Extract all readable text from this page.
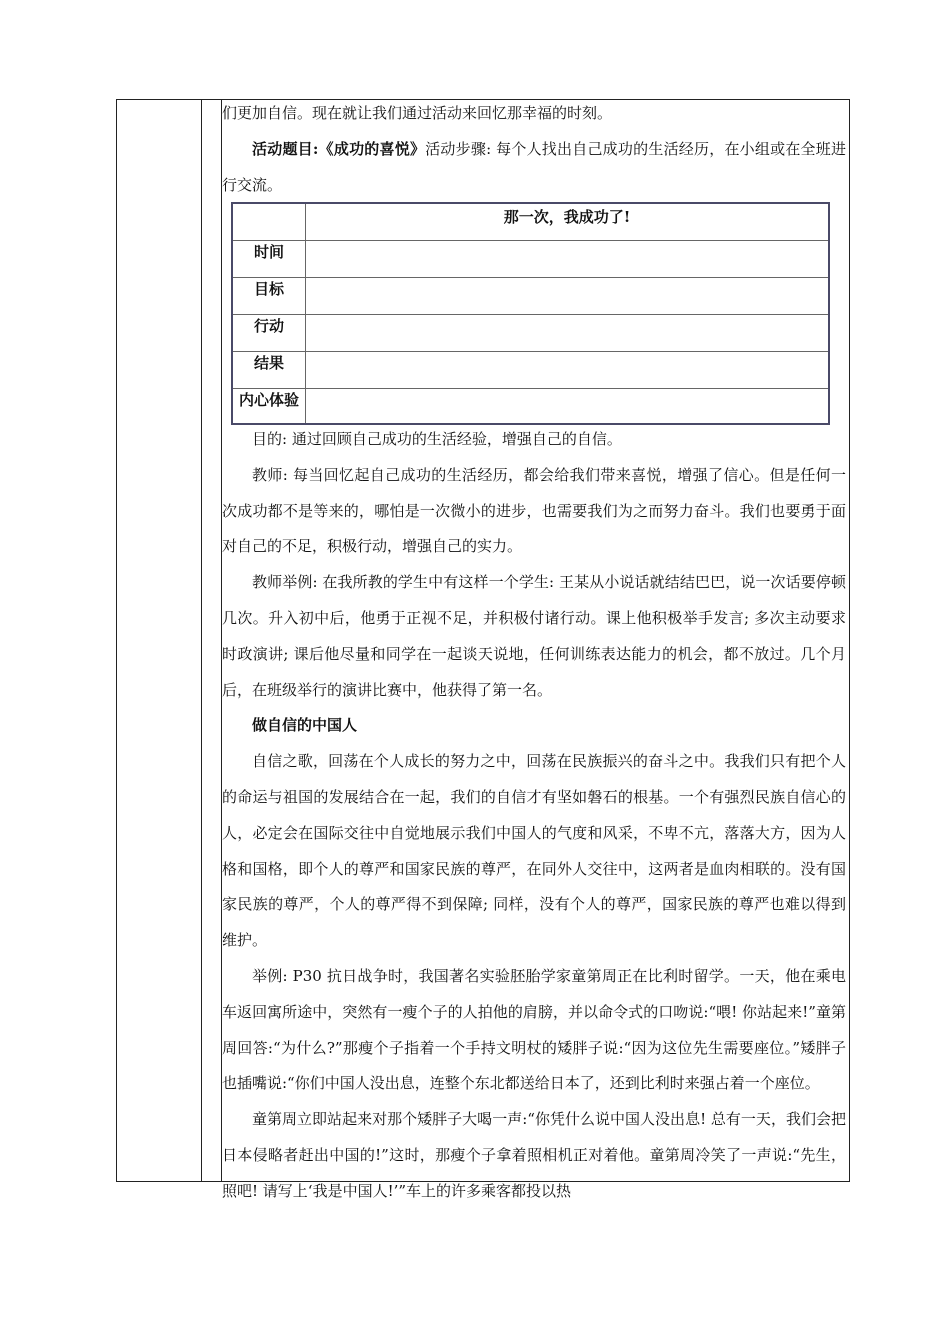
们更加自信。现在就让我们通过活动来回忆那幸福的时刻。

活动题目:《成功的喜悦》活动步骤: 每个人找出自己成功的生活经历，在小组或在全班进行交流。

那一次，我成功了!
时间
目标
行动
结果
内心体验

目的: 通过回顾自己成功的生活经验，增强自己的自信。

教师: 每当回忆起自己成功的生活经历，都会给我们带来喜悦，增强了信心。但是任何一次成功都不是等来的，哪怕是一次微小的进步，也需要我们为之而努力奋斗。我们也要勇于面对自己的不足，积极行动，增强自己的实力。

教师举例: 在我所教的学生中有这样一个学生: 王某从小说话就结结巴巴，说一次话要停顿几次。升入初中后，他勇于正视不足，并积极付诸行动。课上他积极举手发言; 多次主动要求时政演讲; 课后他尽量和同学在一起谈天说地，任何训练表达能力的机会，都不放过。几个月后，在班级举行的演讲比赛中，他获得了第一名。

做自信的中国人

自信之歌，回荡在个人成长的努力之中，回荡在民族振兴的奋斗之中。我我们只有把个人的命运与祖国的发展结合在一起，我们的自信才有坚如磐石的根基。一个有强烈民族自信心的人，必定会在国际交往中自觉地展示我们中国人的气度和风采，不卑不亢，落落大方，因为人格和国格，即个人的尊严和国家民族的尊严，在同外人交往中，这两者是血肉相联的。没有国家民族的尊严，个人的尊严得不到保障; 同样，没有个人的尊严，国家民族的尊严也难以得到维护。

举例: P30 抗日战争时，我国著名实验胚胎学家童第周正在比利时留学。一天，他在乘电车返回寓所途中，突然有一瘦个子的人拍他的肩膀，并以命令式的口吻说:“喂! 你站起来!”童第周回答:“为什么?”那瘦个子指着一个手持文明杖的矮胖子说:“因为这位先生需要座位。”矮胖子也插嘴说:“你们中国人没出息，连整个东北都送给日本了，还到比利时来强占着一个座位。

童第周立即站起来对那个矮胖子大喝一声:“你凭什么说中国人没出息! 总有一天，我们会把日本侵略者赶出中国的!”这时，那瘦个子拿着照相机正对着他。童第周冷笑了一声说:“先生，照吧! 请写上‘我是中国人!’”车上的许多乘客都投以热
